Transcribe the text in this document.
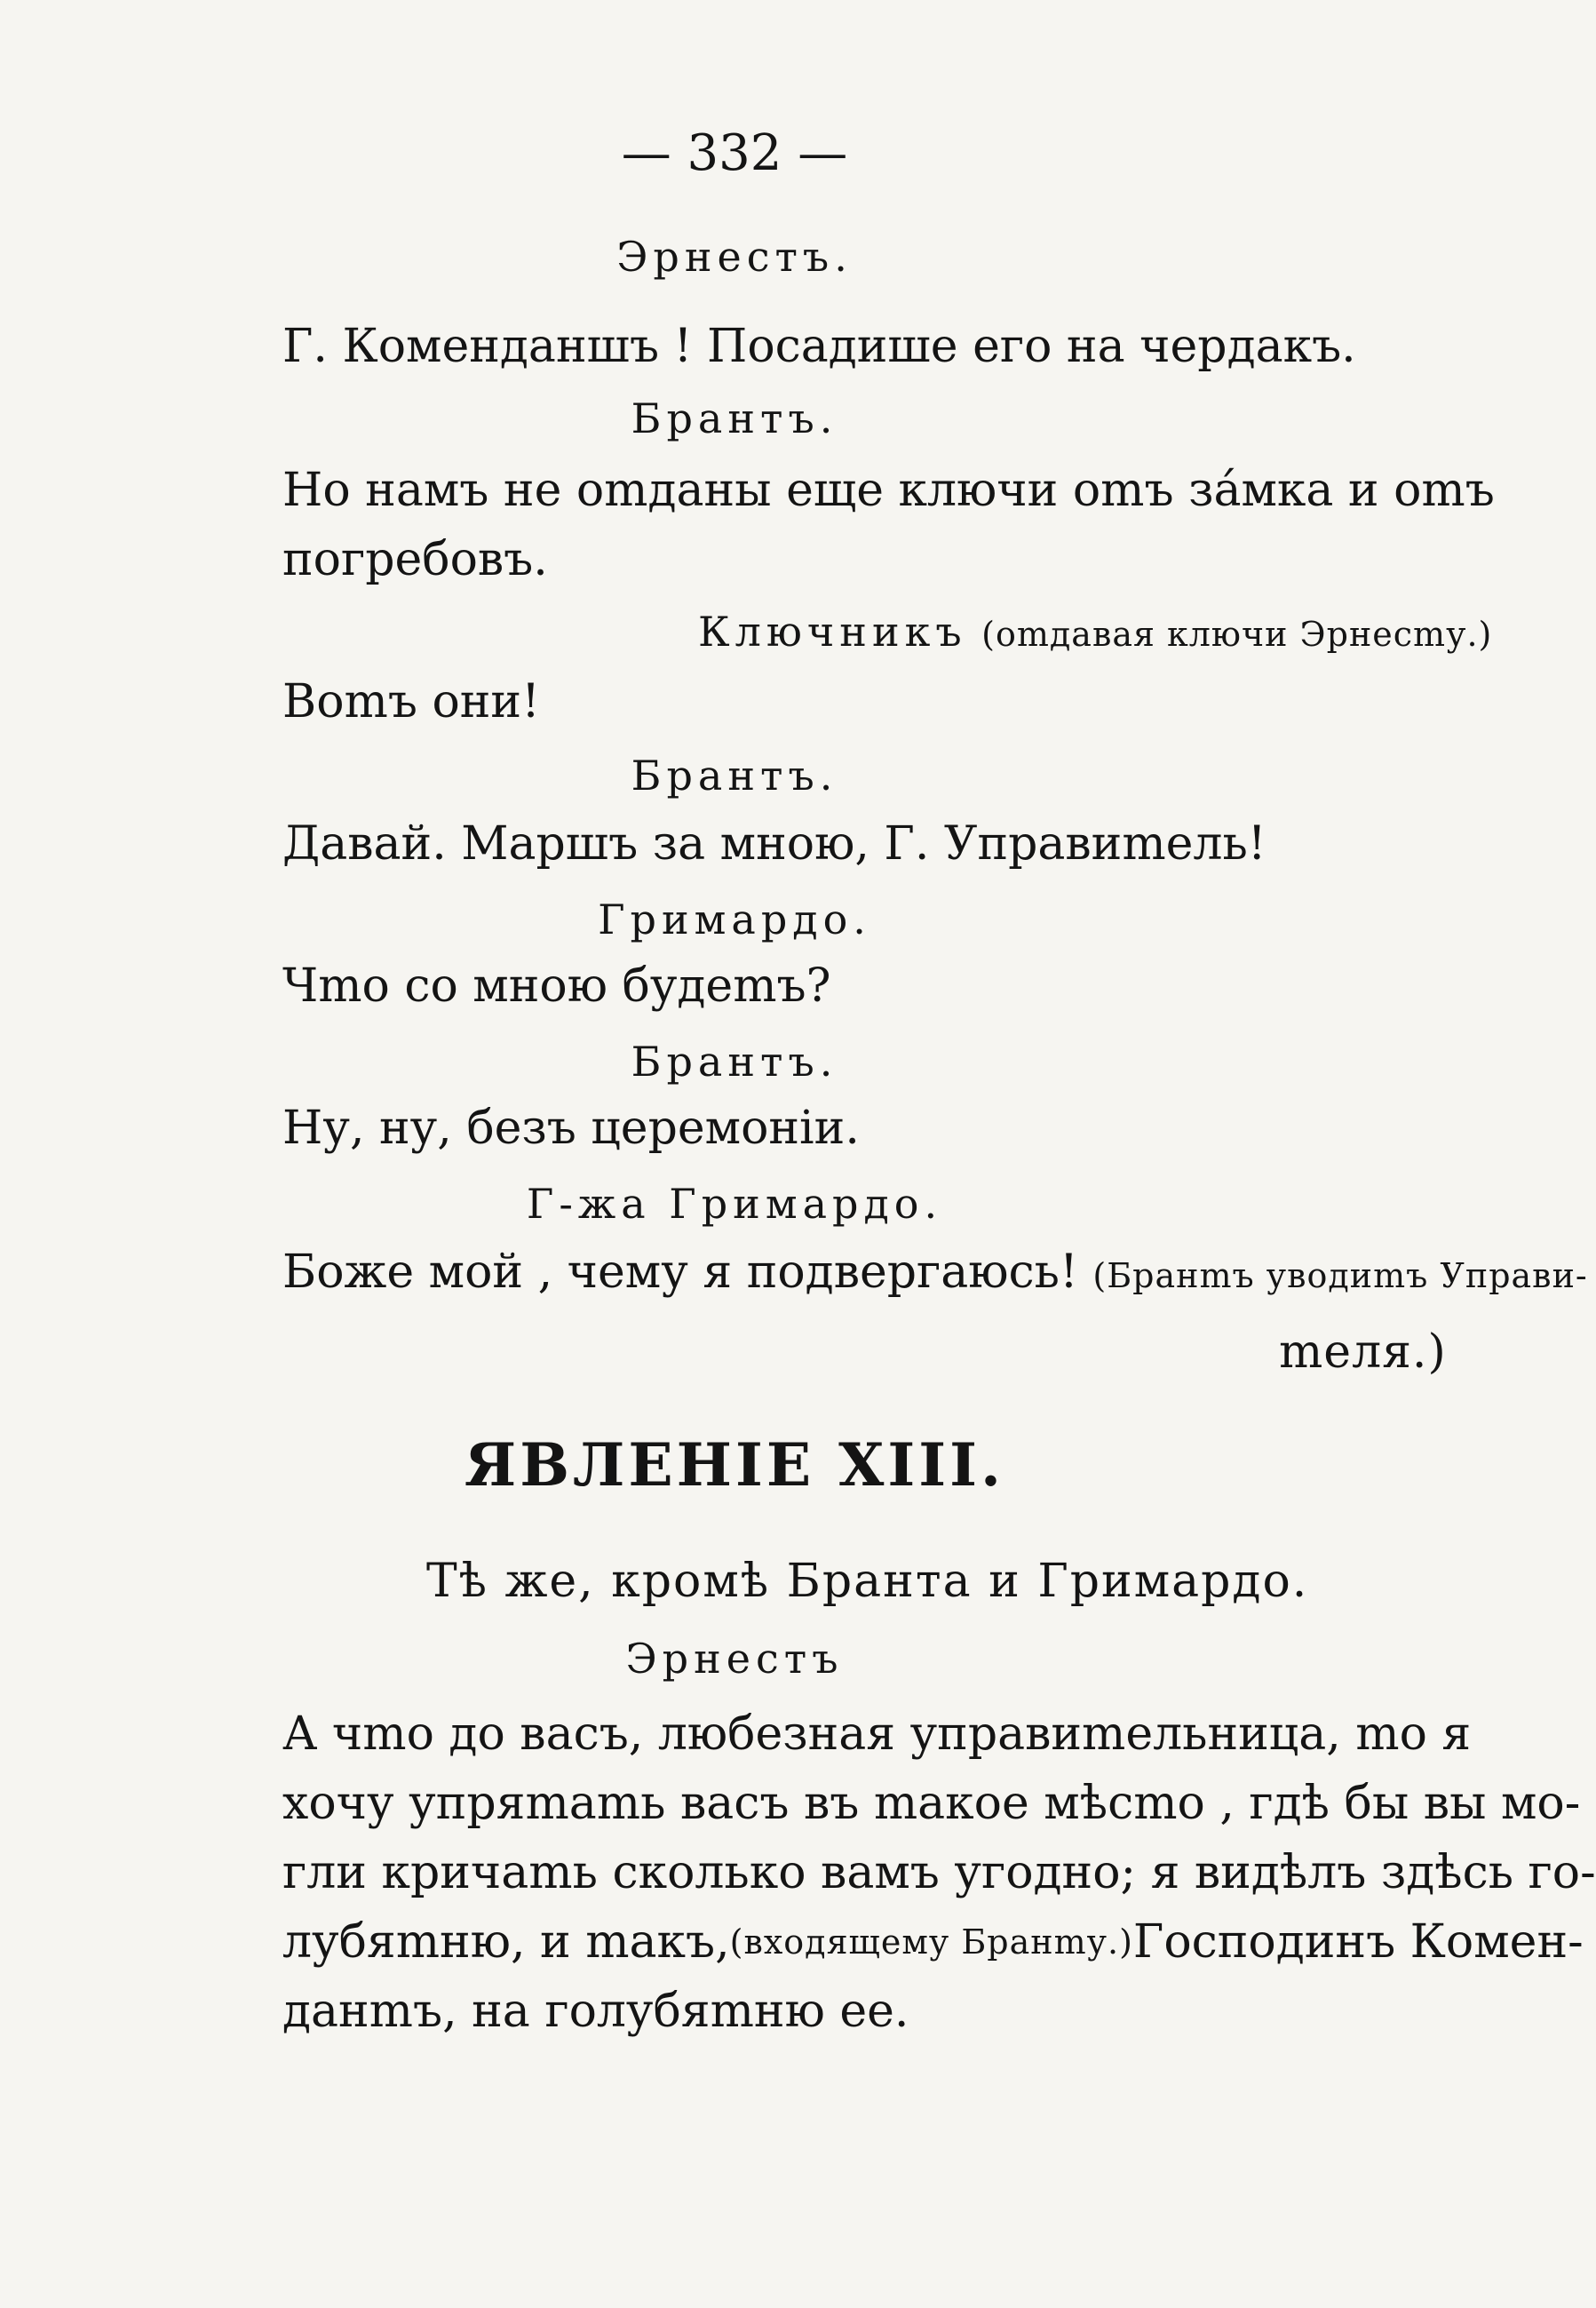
— 332 —
Эрнестъ.
Г. Коменданшъ ! Посадише его на чердакъ.
Брантъ.
Но намъ не оmданы еще ключи оmъ зáмка и оmъ
погребовъ.
Ключникъ (оmдавая ключи Эрнесmу.)
Воmъ они!
Брантъ.
Давай. Маршъ за мною, Г. Управиmель!
Гримардо.
Чmо со мною будеmъ?
Брантъ.
Ну, ну, безъ церемоніи.
Г-жа Гримардо.
Боже мой , чему я подвергаюсь! (Бранmъ уводиmъ Управи-
mеля.)
ЯВЛЕНІЕ XIII.
Тѣ же, кромѣ Бранта и Гримардо.
Эрнестъ
А чmо до васъ, любезная управиmельница, mо я
хочу упряmаmь васъ въ mакое мѣсmо , гдѣ бы вы мо-
гли кричаmь сколько вамъ угодно; я видѣлъ здѣсь го-
лубяmню, и mакъ, (входящему Бранmу.) Господинъ Комен-
данmъ, на голубяmню ее.
